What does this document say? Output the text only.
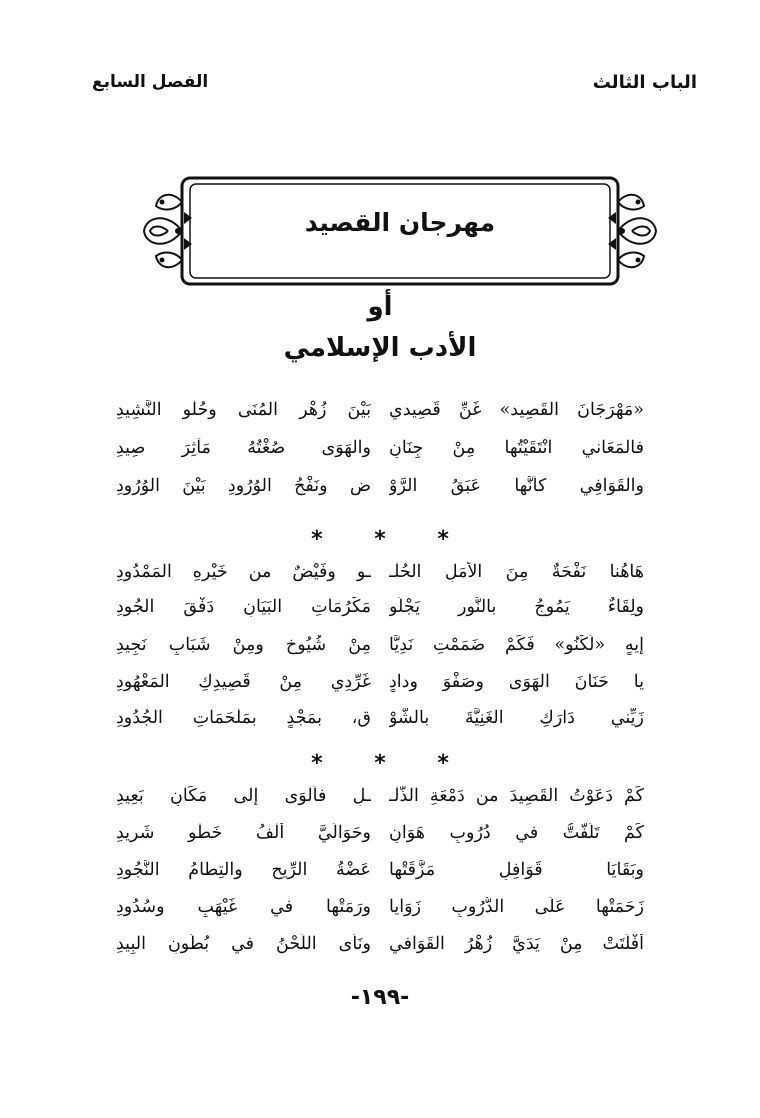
الباب الثالث
الفصل السابع
مهرجان القصيد
أو
الأدب الإسلامي
«مَهْرَجَانَ القَصِيد» غَنِّ قَصِيدي
بَيْنَ زُهْرِ المُنَى وحُلْوِ النَّشِيدِ
فالمَعَاني انْتَقَيْتُها مِنْ جِنَانٍ
والهَوَى صُغْتُهُ مَآثِرَ صِيدِ
والقَوَافِي كأنَّها عَبَقُ الرَّوْ
ضِ ونَفْحُ الوُرُودِ بَيْنَ الوُرُودِ
* * *
هَاهُنا نَفْحَةٌ مِنَ الأمَلِ الحُلْـ
ـوِ وفَيْضٌ من خَيْرِهِ المَمْدُودِ
ولِقَاءٌ يَمُوجُ بالنُّورِ يَجْلُو
مَكْرُمَاتِ البَيَانِ دَفْقَ الجُودِ
إيهٍ «لَكْنُو» فَكَمْ ضَمَمْتِ نَدِيًّا
مِنْ شُيُوخٍ ومِنْ شَبَابٍ نَجِيدِ
يا حَنَانَ الهَوَى وصَفْوَ ودادٍ
غَرِّدِي مِنْ قَصِيدِكِ المَعْهُودِ
زَيِّني دَارَكِ الغَنِيَّةَ بالشَّوْ
قِ، بمَجْدٍ بمَلْحَمَاتِ الجُدُودِ
* * *
كَمْ دَعَوْتُ القَصِيدَ من دَمْعَةِ الذُّلْـ
ـلِ فألْوَى إلى مَكَانٍ بَعِيدِ
كَمْ تَلَفَّتُّ في دُرُوبِ هَوَانٍ
وحَوَالَيَّ أَلْفُ خَطْوٍ شَرِيدِ
وبَقَايَا قَوَافِلٍ مَزَّقَتْها
عَضْةُ الرِّيحِ والتِطامُ النُّجُودِ
زَحَمَتْها عَلَى الدُّرُوبِ زَوَايا
ورَمَتْها في غَيْهَبٍ وسُدُودِ
أفْلَتَتْ مِنْ يَدَيَّ زُهْرُ القَوَافي
ونَأَى اللَّحْنُ في بُطُونِ البِيدِ
-١٩٩-
